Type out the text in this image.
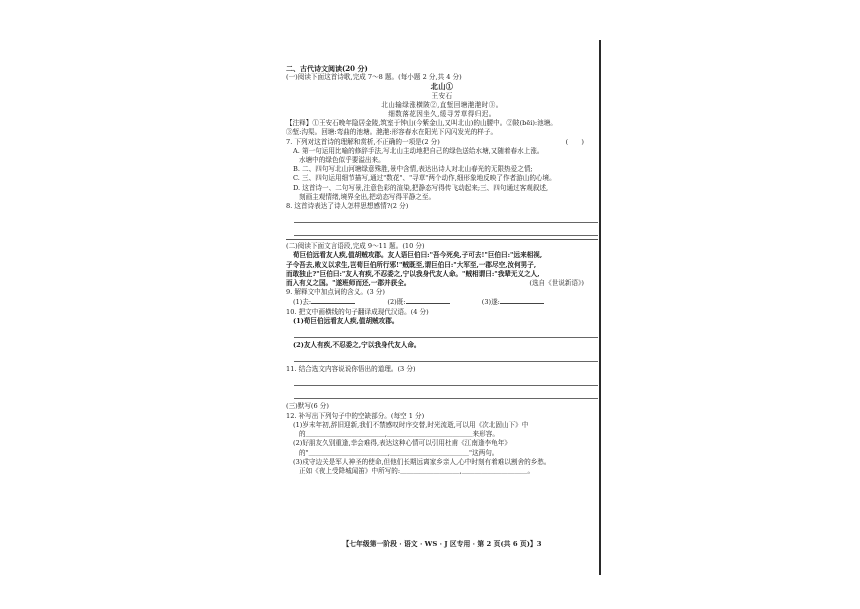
二、古代诗文阅读(20 分)
(一)阅读下面这首诗歌,完成 7～8 题。(每小题 2 分,共 4 分)
北山①
王安石
北山输绿涨横陂②,直堑回塘滟滟时③。
细数落花因坐久,缓寻芳草得归迟。
【注释】①王安石晚年隐居金陵,筑室于钟山(今紫金山,又叫北山)的山腰中。②陂(bēi):池塘。
③堑:沟渠。回塘:弯曲的池塘。滟滟:形容春水在阳光下闪闪发光的样子。
7. 下列对这首诗的理解和赏析,不正确的一项是(2 分)	(　　)
A. 第一句运用比喻的修辞手法,写北山主动地把自己的绿色送给水塘,又随着春水上涨。
水塘中的绿色似乎要溢出来。
B. 二、四句写北山河塘绿意殊胜,景中含情,表达出诗人对北山春光的无限热爱之情;
C. 三、四句运用细节描写,通过"数花"、"寻草"两个动作,细形象地反映了作者游山的心境。
D. 这首诗一、二句写景,注意色彩的渲染,把静态写得传飞动起来;三、四句通过客观叙述,
刻画主观情绪,境界全出,把动态写得平静之至。
8. 这首诗表达了诗人怎样思想感情?(2 分)
(二)阅读下面文言语段,完成 9～11 题。(10 分)
荀巨伯远看友人疾,值胡贼攻郡。友人语巨伯曰:"吾今死矣,子可去!"巨伯曰:"远来相视,
子令吾去,败义以求生,岂荀巨伯所行邪!"贼既至,谓巨伯曰:"大军至,一郡尽空,汝何男子,
而敢独止?"巨伯曰:"友人有疾,不忍委之,宁以我身代友人命。"贼相谓曰:"我辈无义之人,
而入有义之国。"遂班师而还,一郡并获全。	(选自《世说新语》)
9. 解释文中加点词的含义。(3 分)
(1)去:	(2)既:	(3)遂:
10. 把文中画横线的句子翻译成现代汉语。(4 分)
(1)荀巨伯远看友人疾,值胡贼攻郡。
(2)友人有疾,不忍委之,宁以我身代友人命。
11. 结合选文内容说说你悟出的道理。(3 分)
(三)默写(6 分)
12. 补写出下列句子中的空缺部分。(每空 1 分)
(1)岁末年初,辞旧迎新,我们不禁感叹时序交替,时光流逝,可以用《次北固山下》中
的＿＿＿＿＿＿＿＿＿＿＿＿,＿＿＿＿＿＿＿＿＿＿＿＿＿来形容。
(2)好朋友久别重逢,幸会难得,表达这种心情可以引用杜甫《江南逢李龟年》
的"＿＿＿＿＿＿＿＿＿＿＿＿,＿＿＿＿＿＿＿＿＿＿＿＿"这两句。
(3)戍守边关是军人神圣的使命,但他们长期远离家乡亲人,心中时刻有着难以割舍的乡愁。
正如《夜上受降城闻笛》中所写的:＿＿＿＿＿＿＿＿＿,＿＿＿＿＿＿＿＿＿＿。
【七年级第一阶段 · 语文 · WS · J 区专用 · 第 2 页(共 6 页)】3
